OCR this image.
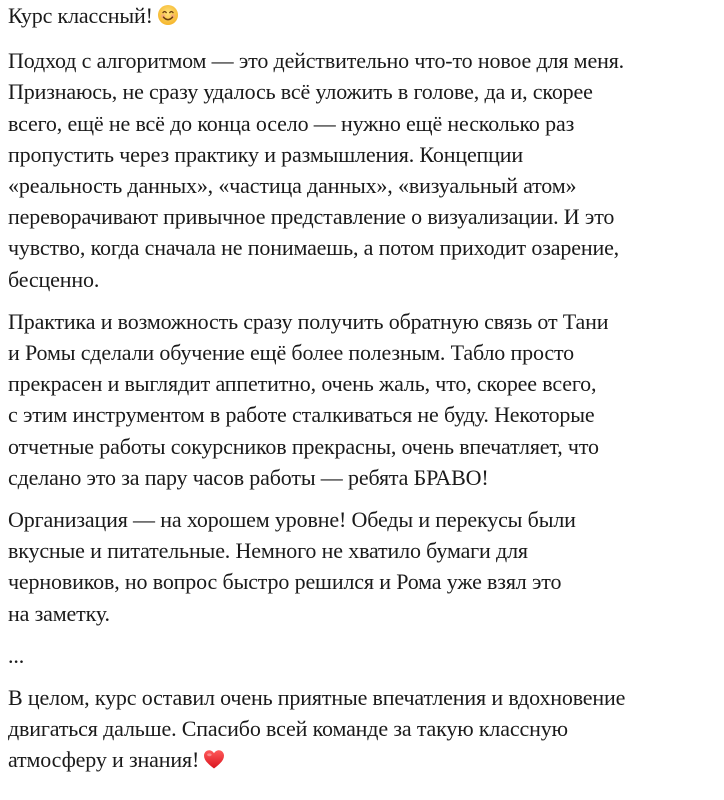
Курс классный!

Подход с алгоритмом — это действительно что-то новое для меня.
Признаюсь, не сразу удалось всё уложить в голове, да и, скорее
всего, ещё не всё до конца осело — нужно ещё несколько раз
пропустить через практику и размышления. Концепции
«реальность данных», «частица данных», «визуальный атом»
переворачивают привычное представление о визуализации. И это
чувство, когда сначала не понимаешь, а потом приходит озарение,
бесценно.

Практика и возможность сразу получить обратную связь от Тани
и Ромы сделали обучение ещё более полезным. Табло просто
прекрасен и выглядит аппетитно, очень жаль, что, скорее всего,
с этим инструментом в работе сталкиваться не буду. Некоторые
отчетные работы сокурсников прекрасны, очень впечатляет, что
сделано это за пару часов работы — ребята БРАВО!

Организация — на хорошем уровне! Обеды и перекусы были
вкусные и питательные. Немного не хватило бумаги для
черновиков, но вопрос быстро решился и Рома уже взял это
на заметку.

...

В целом, курс оставил очень приятные впечатления и вдохновение
двигаться дальше. Спасибо всей команде за такую классную
атмосферу и знания!
